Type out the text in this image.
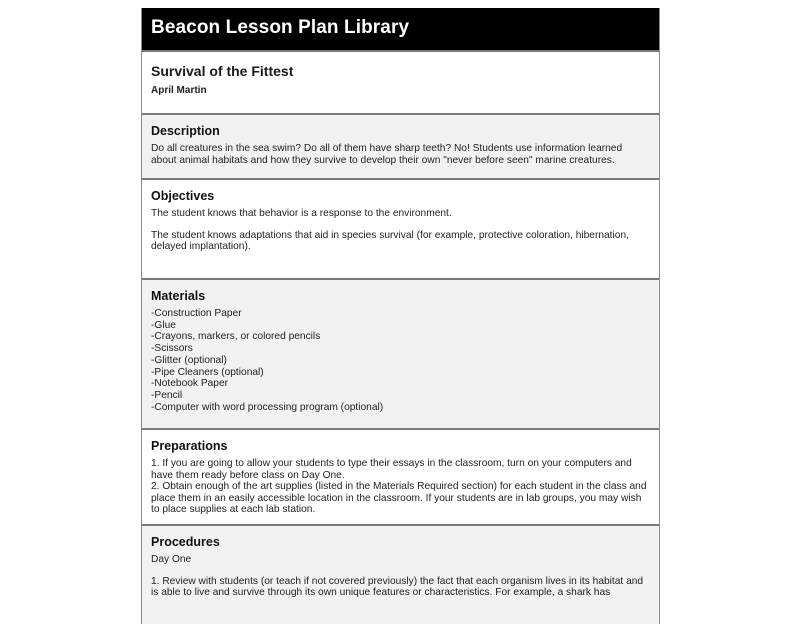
Beacon Lesson Plan Library
Survival of the Fittest
April Martin
Description

Do all creatures in the sea swim? Do all of them have sharp teeth? No! Students use information learned about animal habitats and how they survive to develop their own "never before seen" marine creatures.

Objectives

The student knows that behavior is a response to the environment.

The student knows adaptations that aid in species survival (for example, protective coloration, hibernation, delayed implantation).

Materials
-Construction Paper
-Glue
-Crayons, markers, or colored pencils
-Scissors
-Glitter (optional)
-Pipe Cleaners (optional)
-Notebook Paper
-Pencil
-Computer with word processing program (optional)
Preparations
1. If you are going to allow your students to type their essays in the classroom, turn on your computers and have them ready before class on Day One.
2. Obtain enough of the art supplies (listed in the Materials Required section) for each student in the class and place them in an easily accessible location in the classroom. If your students are in lab groups, you may wish to place supplies at each lab station.
Procedures

Day One

1. Review with students (or teach if not covered previously) the fact that each organism lives in its habitat and is able to live and survive through its own unique features or characteristics. For example, a shark has
